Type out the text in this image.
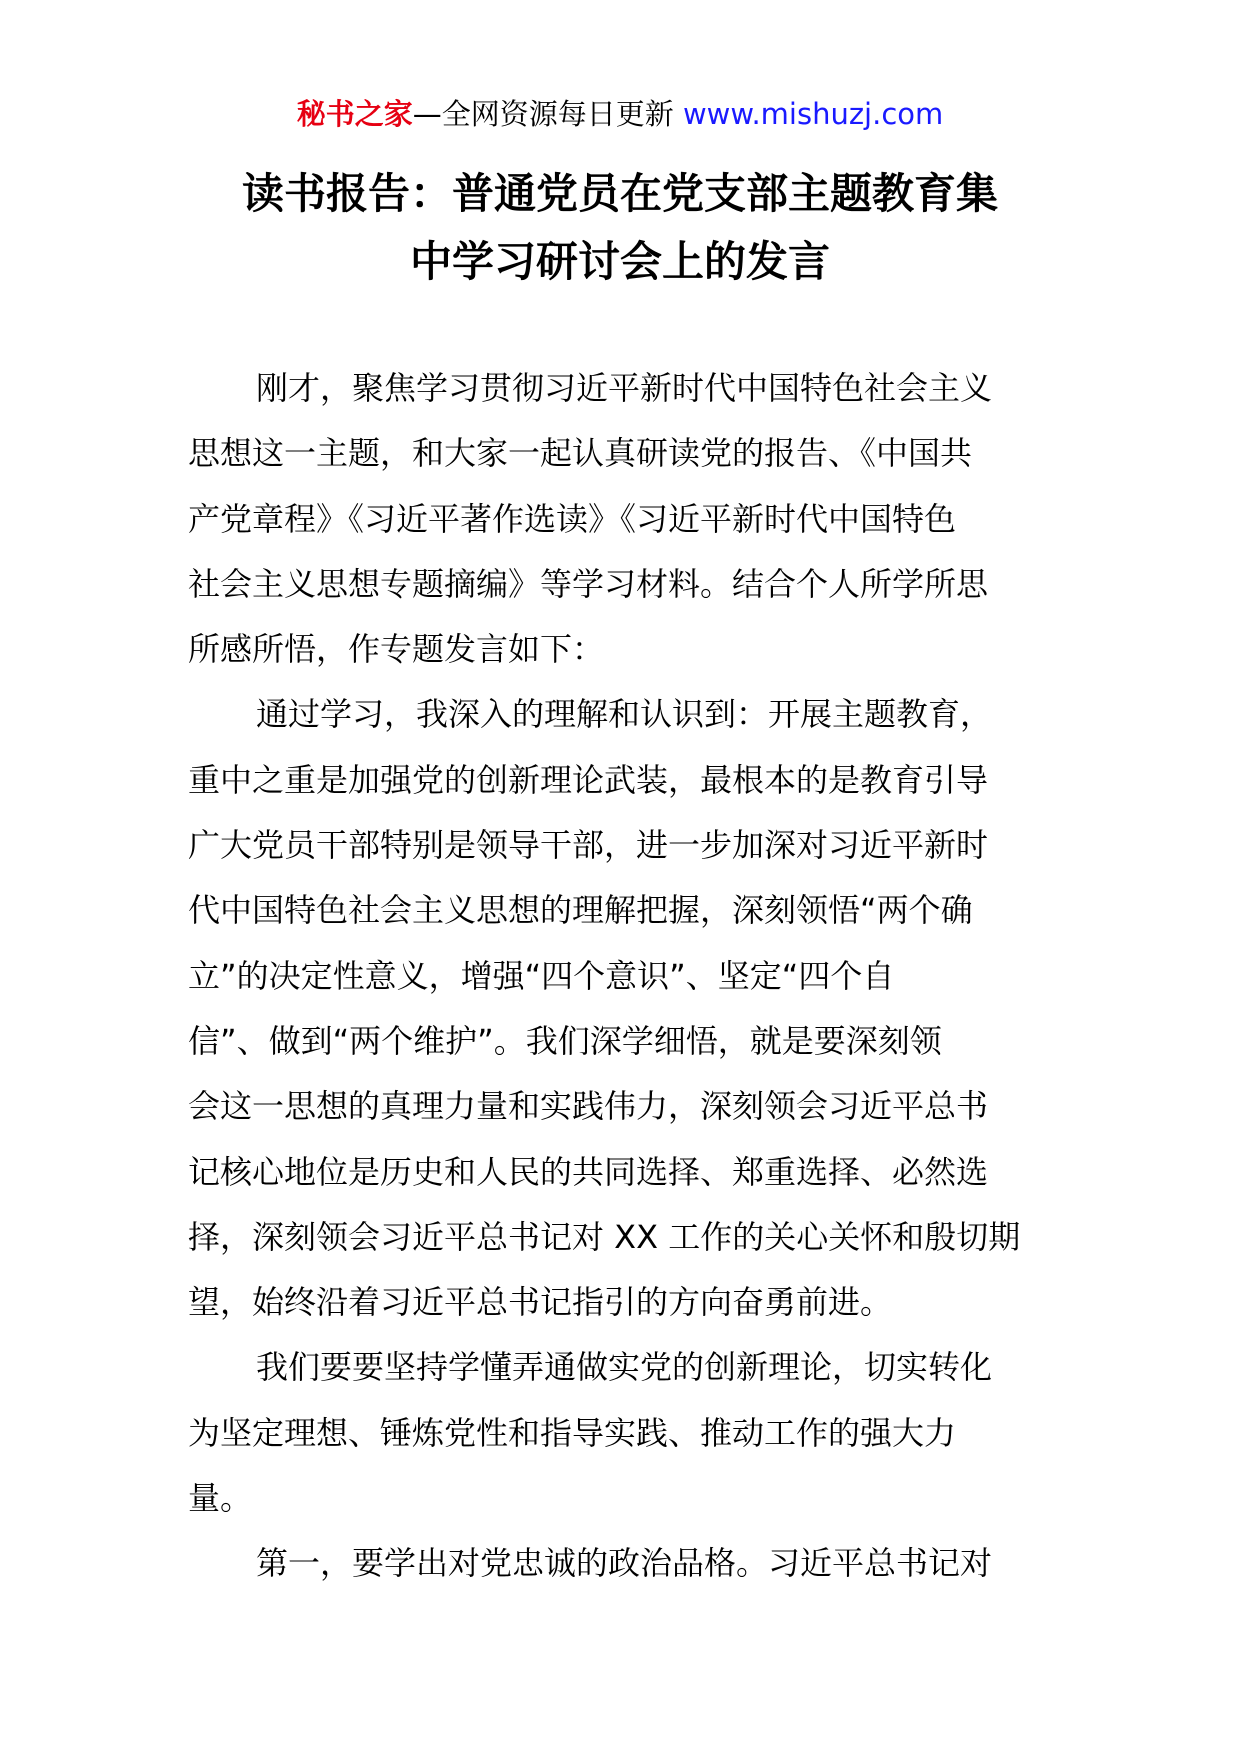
秘书之家—全网资源每日更新 www.mishuzj.com
读书报告：普通党员在党支部主题教育集
中学习研讨会上的发言
刚才，聚焦学习贯彻习近平新时代中国特色社会主义
思想这一主题，和大家一起认真研读党的报告、《中国共
产党章程》《习近平著作选读》《习近平新时代中国特色
社会主义思想专题摘编》等学习材料。结合个人所学所思
所感所悟，作专题发言如下：
通过学习，我深入的理解和认识到：开展主题教育，
重中之重是加强党的创新理论武装，最根本的是教育引导
广大党员干部特别是领导干部，进一步加深对习近平新时
代中国特色社会主义思想的理解把握，深刻领悟“两个确
立”的决定性意义，增强“四个意识”、坚定“四个自
信”、做到“两个维护”。我们深学细悟，就是要深刻领
会这一思想的真理力量和实践伟力，深刻领会习近平总书
记核心地位是历史和人民的共同选择、郑重选择、必然选
择，深刻领会习近平总书记对 XX 工作的关心关怀和殷切期
望，始终沿着习近平总书记指引的方向奋勇前进。
我们要要坚持学懂弄通做实党的创新理论，切实转化
为坚定理想、锤炼党性和指导实践、推动工作的强大力
量。
第一，要学出对党忠诚的政治品格。习近平总书记对
